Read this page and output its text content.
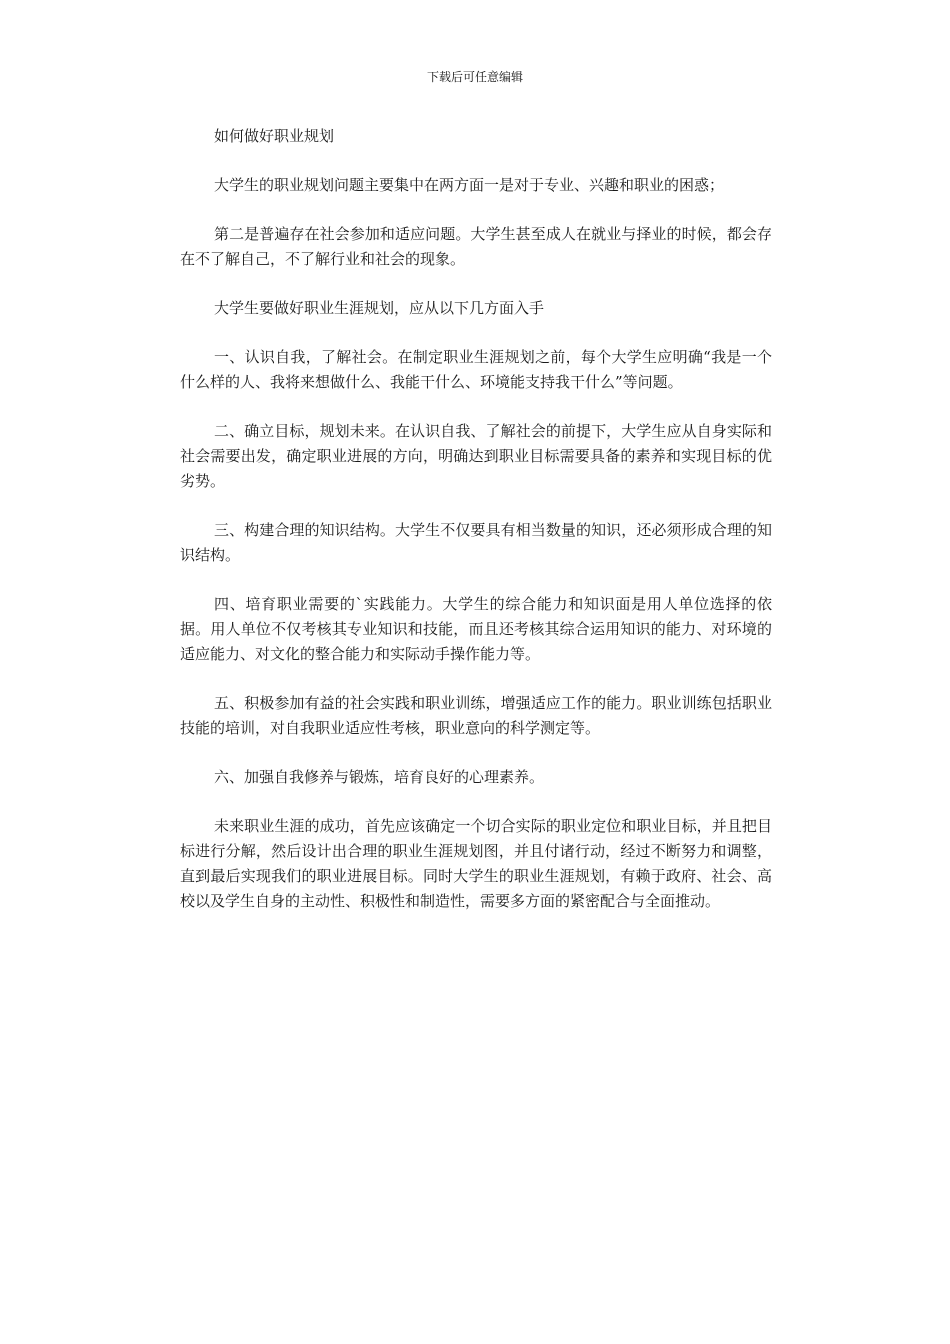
下载后可任意编辑

如何做好职业规划

大学生的职业规划问题主要集中在两方面一是对于专业、兴趣和职业的困惑；

第二是普遍存在社会参加和适应问题。大学生甚至成人在就业与择业的时候，都会存在不了解自己，不了解行业和社会的现象。

大学生要做好职业生涯规划，应从以下几方面入手

一、认识自我，了解社会。在制定职业生涯规划之前，每个大学生应明确“我是一个什么样的人、我将来想做什么、我能干什么、环境能支持我干什么”等问题。

二、确立目标，规划未来。在认识自我、了解社会的前提下，大学生应从自身实际和社会需要出发，确定职业进展的方向，明确达到职业目标需要具备的素养和实现目标的优劣势。

三、构建合理的知识结构。大学生不仅要具有相当数量的知识，还必须形成合理的知识结构。

四、培育职业需要的`实践能力。大学生的综合能力和知识面是用人单位选择的依据。用人单位不仅考核其专业知识和技能，而且还考核其综合运用知识的能力、对环境的适应能力、对文化的整合能力和实际动手操作能力等。

五、积极参加有益的社会实践和职业训练，增强适应工作的能力。职业训练包括职业技能的培训，对自我职业适应性考核，职业意向的科学测定等。

六、加强自我修养与锻炼，培育良好的心理素养。

未来职业生涯的成功，首先应该确定一个切合实际的职业定位和职业目标，并且把目标进行分解，然后设计出合理的职业生涯规划图，并且付诸行动，经过不断努力和调整，直到最后实现我们的职业进展目标。同时大学生的职业生涯规划，有赖于政府、社会、高校以及学生自身的主动性、积极性和制造性，需要多方面的紧密配合与全面推动。
